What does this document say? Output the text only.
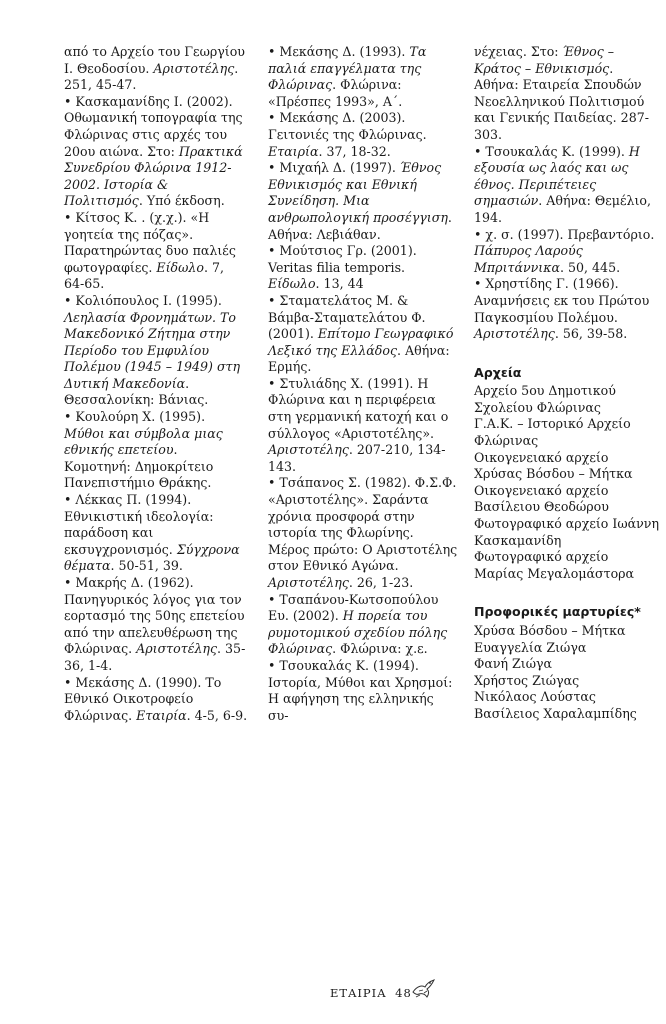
από το Αρχείο του Γεωργίου Ι. Θεοδοσίου. Αριστοτέλης. 251, 45-47.

• Κασκαμανίδης Ι. (2002). Οθωμανική τοπογραφία της Φλώρινας στις αρχές του 20ου αιώνα. Στο: Πρακτικά Συνεδρίου Φλώρινα 1912-2002. Ιστορία & Πολιτισμός. Υπό έκδοση.

• Κίτσος Κ. . (χ.χ.). «Η γοητεία της πόζας». Παρατηρώντας δυο παλιές φωτογραφίες. Είδωλο. 7, 64-65.

• Κολιόπουλος Ι. (1995). Λεηλασία Φρονημάτων. Το Μακεδονικό Ζήτημα στην Περίοδο του Εμφυλίου Πολέμου (1945 – 1949) στη Δυτική Μακεδονία. Θεσσαλονίκη: Βάνιας.

• Κουλούρη Χ. (1995). Μύθοι και σύμβολα μιας εθνικής επετείου. Κομοτηνή: Δημοκρίτειο Πανεπιστήμιο Θράκης.

• Λέκκας Π. (1994). Εθνικιστική ιδεολογία: παράδοση και εκσυγχρονισμός. Σύγχρονα θέματα. 50-51, 39.

• Μακρής Δ. (1962). Πανηγυρικός λόγος για τον εορτασμό της 50ης επετείου από την απελευθέρωση της Φλώρινας. Αριστοτέλης. 35-36, 1-4.

• Μεκάσης Δ. (1990). Το Εθνικό Οικοτροφείο Φλώρινας. Εταιρία. 4-5, 6-9.

• Μεκάσης Δ. (1993). Τα παλιά επαγγέλματα της Φλώρινας. Φλώρινα: «Πρέσπες 1993», Α΄.

• Μεκάσης Δ. (2003). Γειτονιές της Φλώρινας. Εταιρία. 37, 18-32.

• Μιχαήλ Δ. (1997). Έθνος Εθνικισμός και Εθνική Συνείδηση. Μια ανθρωπολογική προσέγγιση. Αθήνα: Λεβιάθαν.

• Μούτσιος Γρ. (2001). Veritas filia temporis. Είδωλο. 13, 44

• Σταματελάτος Μ. & Βάμβα-Σταματελάτου Φ. (2001). Επίτομο Γεωγραφικό Λεξικό της Ελλάδος. Αθήνα: Ερμής.

• Στυλιάδης Χ. (1991). Η Φλώρινα και η περιφέρεια στη γερμανική κατοχή και ο σύλλογος «Αριστοτέλης». Αριστοτέλης. 207-210, 134-143.

• Τσάπανος Σ. (1982). Φ.Σ.Φ. «Αριστοτέλης». Σαράντα χρόνια προσφορά στην ιστορία της Φλωρίνης. Μέρος πρώτο: Ο Αριστοτέλης στον Εθνικό Αγώνα. Αριστοτέλης. 26, 1-23.

• Τσαπάνου-Κωτσοπούλου Ευ. (2002). Η πορεία του ρυμοτομικού σχεδίου πόλης Φλώρινας. Φλώρινα: χ.ε.

• Τσουκαλάς Κ. (1994). Ιστορία, Μύθοι και Χρησμοί: Η αφήγηση της ελληνικής συ-

νέχειας. Στο: Έθνος – Κράτος – Εθνικισμός. Αθήνα: Εταιρεία Σπουδών Νεοελληνικού Πολιτισμού και Γενικής Παιδείας. 287-303.

• Τσουκαλάς Κ. (1999). Η εξουσία ως λαός και ως έθνος. Περιπέτειες σημασιών. Αθήνα: Θεμέλιο, 194.

• χ. σ. (1997). Πρεβαντόριο. Πάπυρος Λαρούς Μπριτάννικα. 50, 445.

• Χρηστίδης Γ. (1966). Αναμνήσεις εκ του Πρώτου Παγκοσμίου Πολέμου. Αριστοτέλης. 56, 39-58.

Αρχεία

Αρχείο 5ου Δημοτικού Σχολείου Φλώρινας

Γ.Α.Κ. – Ιστορικό Αρχείο Φλώρινας

Οικογενειακό αρχείο Χρύσας Βόσδου – Μήτκα

Οικογενειακό αρχείο Βασίλειου Θεοδώρου

Φωτογραφικό αρχείο Ιωάννη Κασκαμανίδη

Φωτογραφικό αρχείο Μαρίας Μεγαλομάστορα

Προφορικές μαρτυρίες*

Χρύσα Βόσδου – Μήτκα

Ευαγγελία Ζιώγα

Φανή Ζιώγα

Χρήστος Ζιώγας

Νικόλαος Λούστας

Βασίλειος Χαραλαμπίδης

ΕΤΑΙΡΙΑ 48
